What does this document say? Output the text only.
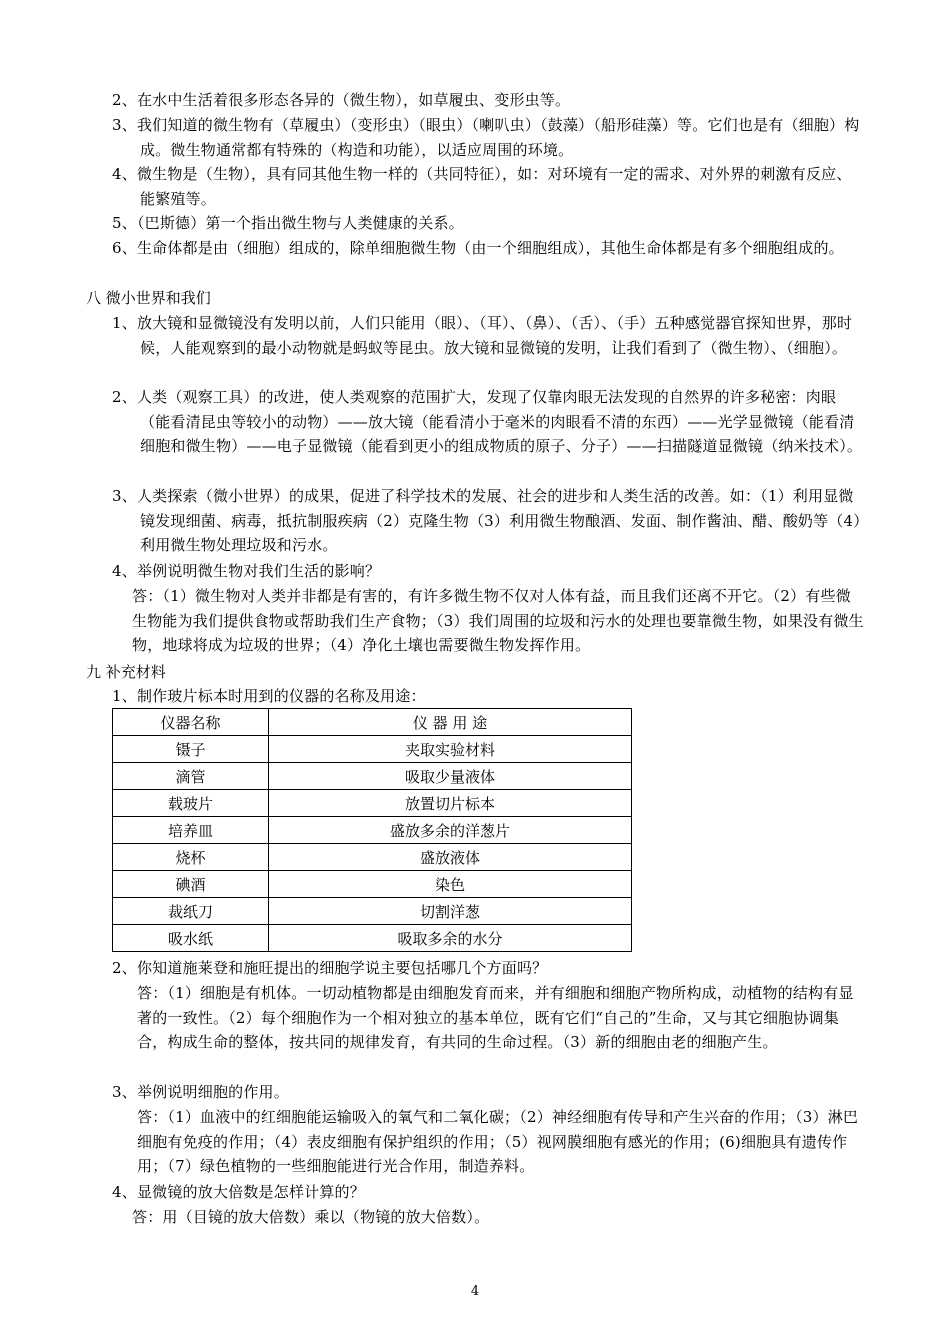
2、在水中生活着很多形态各异的（微生物），如草履虫、变形虫等。
3、我们知道的微生物有（草履虫）（变形虫）（眼虫）（喇叭虫）（鼓藻）（船形硅藻）等。它们也是有（细胞）构成。微生物通常都有特殊的（构造和功能），以适应周围的环境。
4、微生物是（生物），具有同其他生物一样的（共同特征），如：对环境有一定的需求、对外界的刺激有反应、能繁殖等。
5、（巴斯德）第一个指出微生物与人类健康的关系。
6、生命体都是由（细胞）组成的，除单细胞微生物（由一个细胞组成），其他生命体都是有多个细胞组成的。
八 微小世界和我们
1、放大镜和显微镜没有发明以前，人们只能用（眼）、（耳）、（鼻）、（舌）、（手）五种感觉器官探知世界，那时候，人能观察到的最小动物就是蚂蚁等昆虫。放大镜和显微镜的发明，让我们看到了（微生物）、（细胞）。
2、人类（观察工具）的改进，使人类观察的范围扩大，发现了仅靠肉眼无法发现的自然界的许多秘密：肉眼（能看清昆虫等较小的动物）——放大镜（能看清小于毫米的肉眼看不清的东西）——光学显微镜（能看清细胞和微生物）——电子显微镜（能看到更小的组成物质的原子、分子）——扫描隧道显微镜（纳米技术）。
3、人类探索（微小世界）的成果，促进了科学技术的发展、社会的进步和人类生活的改善。如：（1）利用显微镜发现细菌、病毒，抵抗制服疾病（2）克隆生物（3）利用微生物酿酒、发面、制作酱油、醋、酸奶等（4）利用微生物处理垃圾和污水。
4、举例说明微生物对我们生活的影响？
答：（1）微生物对人类并非都是有害的，有许多微生物不仅对人体有益，而且我们还离不开它。（2）有些微生物能为我们提供食物或帮助我们生产食物；（3）我们周围的垃圾和污水的处理也要靠微生物，如果没有微生物，地球将成为垃圾的世界；（4）净化土壤也需要微生物发挥作用。
九 补充材料
1、制作玻片标本时用到的仪器的名称及用途：
仪器名称	仪 器 用 途
镊子	夹取实验材料
滴管	吸取少量液体
载玻片	放置切片标本
培养皿	盛放多余的洋葱片
烧杯	盛放液体
碘酒	染色
裁纸刀	切割洋葱
吸水纸	吸取多余的水分
2、你知道施莱登和施旺提出的细胞学说主要包括哪几个方面吗？
答：（1）细胞是有机体。一切动植物都是由细胞发育而来，并有细胞和细胞产物所构成，动植物的结构有显著的一致性。（2）每个细胞作为一个相对独立的基本单位，既有它们“自己的”生命，又与其它细胞协调集合，构成生命的整体，按共同的规律发育，有共同的生命过程。（3）新的细胞由老的细胞产生。
3、举例说明细胞的作用。
答：（1）血液中的红细胞能运输吸入的氧气和二氧化碳；（2）神经细胞有传导和产生兴奋的作用；（3）淋巴细胞有免疫的作用；（4）表皮细胞有保护组织的作用；（5）视网膜细胞有感光的作用；(6)细胞具有遗传作用；（7）绿色植物的一些细胞能进行光合作用，制造养料。
4、显微镜的放大倍数是怎样计算的？
答：用（目镜的放大倍数）乘以（物镜的放大倍数）。
4
